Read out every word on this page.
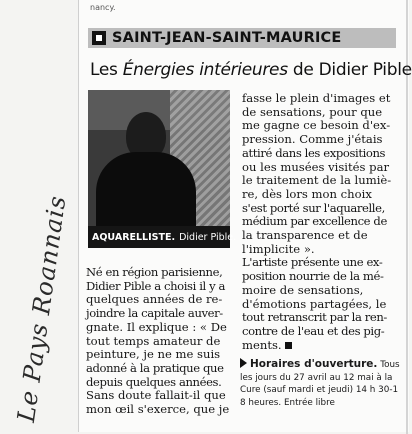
nancy.
SAINT-JEAN-SAINT-MAURICE
Les Énergies intérieures de Didier Pible
AQUARELLISTE. Didier Pible.
Né en région parisienne,
Didier Pible a choisi il y a
quelques années de re-
joindre la capitale auver-
gnate. Il explique : « De
tout temps amateur de
peinture, je ne me suis
adonné à la pratique que
depuis quelques années.
Sans doute fallait-il que
mon œil s'exerce, que je
fasse le plein d'images et
de sensations, pour que
me gagne ce besoin d'ex-
pression. Comme j'étais
attiré dans les expositions
ou les musées visités par
le traitement de la lumiè-
re, dès lors mon choix
s'est porté sur l'aquarelle,
médium par excellence de
la transparence et de
l'implicite ».
L'artiste présente une ex-
position nourrie de la mé-
moire de sensations,
d'émotions partagées, le
tout retranscrit par la ren-
contre de l'eau et des pig-
ments.
Horaires d'ouverture. Tous
les jours du 27 avril au 12 mai à la
Cure (sauf mardi et jeudi) 14 h 30-1
8 heures. Entrée libre
Le Pays Roannais
